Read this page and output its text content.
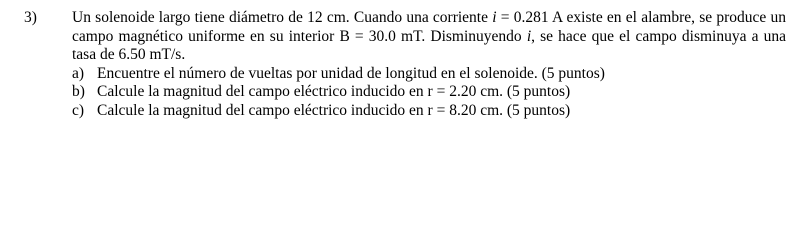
3)	Un solenoide largo tiene diámetro de 12 cm. Cuando una corriente i = 0.281 A existe en el alambre, se produce un campo magnético uniforme en su interior B = 30.0 mT. Disminuyendo i, se hace que el campo disminuya a una tasa de 6.50 mT/s.
a) Encuentre el número de vueltas por unidad de longitud en el solenoide. (5 puntos)
b) Calcule la magnitud del campo eléctrico inducido en r = 2.20 cm. (5 puntos)
c) Calcule la magnitud del campo eléctrico inducido en r = 8.20 cm. (5 puntos)
